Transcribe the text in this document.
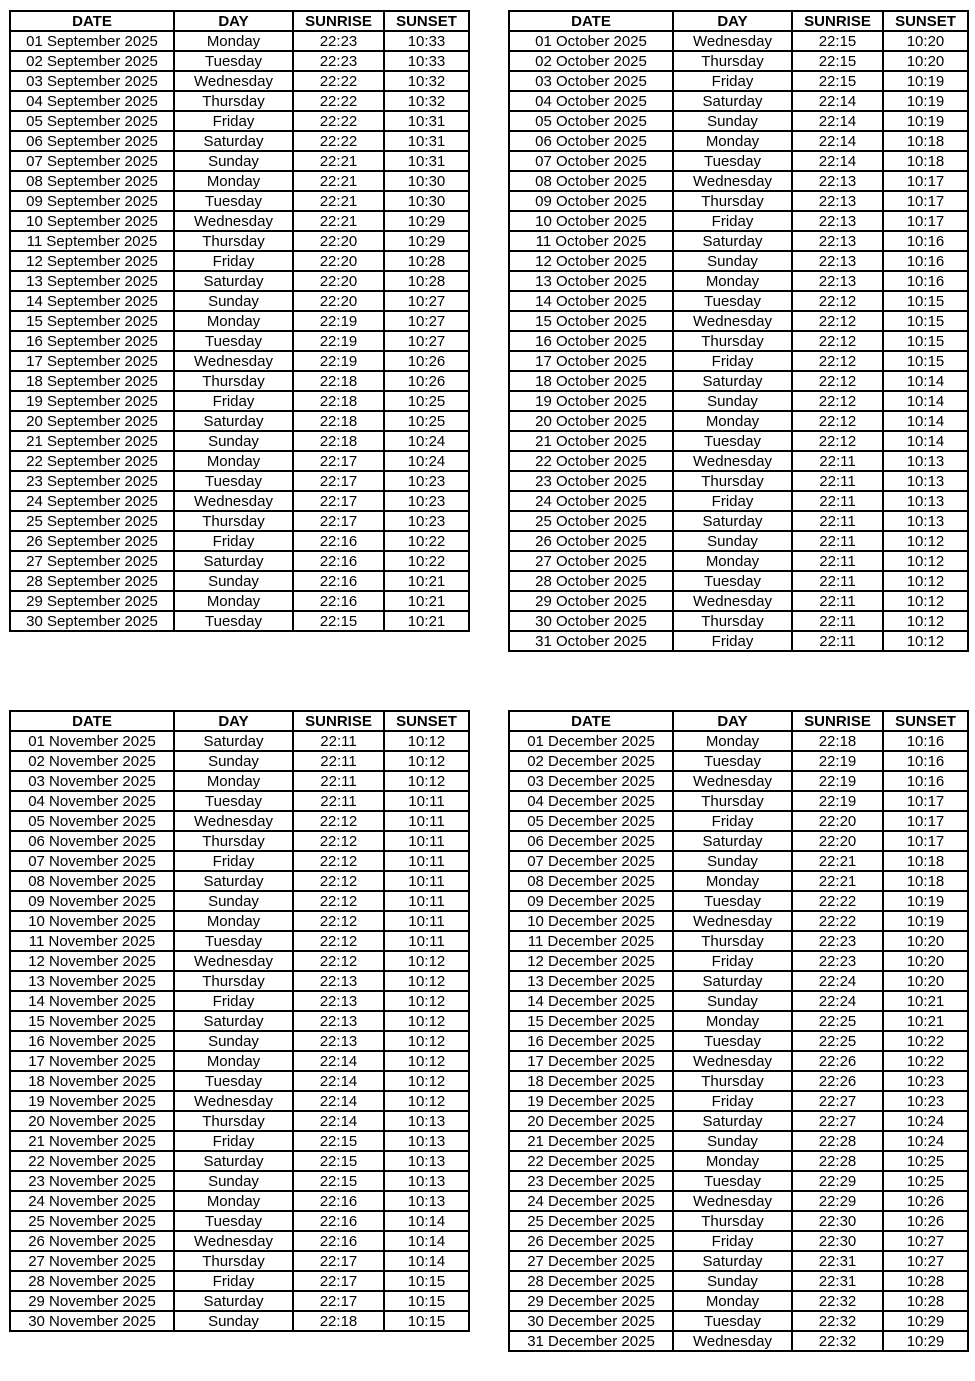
DATE	DAY	SUNRISE	SUNSET
01 September 2025	Monday	22:23	10:33
02 September 2025	Tuesday	22:23	10:33
03 September 2025	Wednesday	22:22	10:32
04 September 2025	Thursday	22:22	10:32
05 September 2025	Friday	22:22	10:31
06 September 2025	Saturday	22:22	10:31
07 September 2025	Sunday	22:21	10:31
08 September 2025	Monday	22:21	10:30
09 September 2025	Tuesday	22:21	10:30
10 September 2025	Wednesday	22:21	10:29
11 September 2025	Thursday	22:20	10:29
12 September 2025	Friday	22:20	10:28
13 September 2025	Saturday	22:20	10:28
14 September 2025	Sunday	22:20	10:27
15 September 2025	Monday	22:19	10:27
16 September 2025	Tuesday	22:19	10:27
17 September 2025	Wednesday	22:19	10:26
18 September 2025	Thursday	22:18	10:26
19 September 2025	Friday	22:18	10:25
20 September 2025	Saturday	22:18	10:25
21 September 2025	Sunday	22:18	10:24
22 September 2025	Monday	22:17	10:24
23 September 2025	Tuesday	22:17	10:23
24 September 2025	Wednesday	22:17	10:23
25 September 2025	Thursday	22:17	10:23
26 September 2025	Friday	22:16	10:22
27 September 2025	Saturday	22:16	10:22
28 September 2025	Sunday	22:16	10:21
29 September 2025	Monday	22:16	10:21
30 September 2025	Tuesday	22:15	10:21
DATE	DAY	SUNRISE	SUNSET
01 October 2025	Wednesday	22:15	10:20
02 October 2025	Thursday	22:15	10:20
03 October 2025	Friday	22:15	10:19
04 October 2025	Saturday	22:14	10:19
05 October 2025	Sunday	22:14	10:19
06 October 2025	Monday	22:14	10:18
07 October 2025	Tuesday	22:14	10:18
08 October 2025	Wednesday	22:13	10:17
09 October 2025	Thursday	22:13	10:17
10 October 2025	Friday	22:13	10:17
11 October 2025	Saturday	22:13	10:16
12 October 2025	Sunday	22:13	10:16
13 October 2025	Monday	22:13	10:16
14 October 2025	Tuesday	22:12	10:15
15 October 2025	Wednesday	22:12	10:15
16 October 2025	Thursday	22:12	10:15
17 October 2025	Friday	22:12	10:15
18 October 2025	Saturday	22:12	10:14
19 October 2025	Sunday	22:12	10:14
20 October 2025	Monday	22:12	10:14
21 October 2025	Tuesday	22:12	10:14
22 October 2025	Wednesday	22:11	10:13
23 October 2025	Thursday	22:11	10:13
24 October 2025	Friday	22:11	10:13
25 October 2025	Saturday	22:11	10:13
26 October 2025	Sunday	22:11	10:12
27 October 2025	Monday	22:11	10:12
28 October 2025	Tuesday	22:11	10:12
29 October 2025	Wednesday	22:11	10:12
30 October 2025	Thursday	22:11	10:12
31 October 2025	Friday	22:11	10:12
DATE	DAY	SUNRISE	SUNSET
01 November 2025	Saturday	22:11	10:12
02 November 2025	Sunday	22:11	10:12
03 November 2025	Monday	22:11	10:12
04 November 2025	Tuesday	22:11	10:11
05 November 2025	Wednesday	22:12	10:11
06 November 2025	Thursday	22:12	10:11
07 November 2025	Friday	22:12	10:11
08 November 2025	Saturday	22:12	10:11
09 November 2025	Sunday	22:12	10:11
10 November 2025	Monday	22:12	10:11
11 November 2025	Tuesday	22:12	10:11
12 November 2025	Wednesday	22:12	10:12
13 November 2025	Thursday	22:13	10:12
14 November 2025	Friday	22:13	10:12
15 November 2025	Saturday	22:13	10:12
16 November 2025	Sunday	22:13	10:12
17 November 2025	Monday	22:14	10:12
18 November 2025	Tuesday	22:14	10:12
19 November 2025	Wednesday	22:14	10:12
20 November 2025	Thursday	22:14	10:13
21 November 2025	Friday	22:15	10:13
22 November 2025	Saturday	22:15	10:13
23 November 2025	Sunday	22:15	10:13
24 November 2025	Monday	22:16	10:13
25 November 2025	Tuesday	22:16	10:14
26 November 2025	Wednesday	22:16	10:14
27 November 2025	Thursday	22:17	10:14
28 November 2025	Friday	22:17	10:15
29 November 2025	Saturday	22:17	10:15
30 November 2025	Sunday	22:18	10:15
DATE	DAY	SUNRISE	SUNSET
01 December 2025	Monday	22:18	10:16
02 December 2025	Tuesday	22:19	10:16
03 December 2025	Wednesday	22:19	10:16
04 December 2025	Thursday	22:19	10:17
05 December 2025	Friday	22:20	10:17
06 December 2025	Saturday	22:20	10:17
07 December 2025	Sunday	22:21	10:18
08 December 2025	Monday	22:21	10:18
09 December 2025	Tuesday	22:22	10:19
10 December 2025	Wednesday	22:22	10:19
11 December 2025	Thursday	22:23	10:20
12 December 2025	Friday	22:23	10:20
13 December 2025	Saturday	22:24	10:20
14 December 2025	Sunday	22:24	10:21
15 December 2025	Monday	22:25	10:21
16 December 2025	Tuesday	22:25	10:22
17 December 2025	Wednesday	22:26	10:22
18 December 2025	Thursday	22:26	10:23
19 December 2025	Friday	22:27	10:23
20 December 2025	Saturday	22:27	10:24
21 December 2025	Sunday	22:28	10:24
22 December 2025	Monday	22:28	10:25
23 December 2025	Tuesday	22:29	10:25
24 December 2025	Wednesday	22:29	10:26
25 December 2025	Thursday	22:30	10:26
26 December 2025	Friday	22:30	10:27
27 December 2025	Saturday	22:31	10:27
28 December 2025	Sunday	22:31	10:28
29 December 2025	Monday	22:32	10:28
30 December 2025	Tuesday	22:32	10:29
31 December 2025	Wednesday	22:32	10:29
